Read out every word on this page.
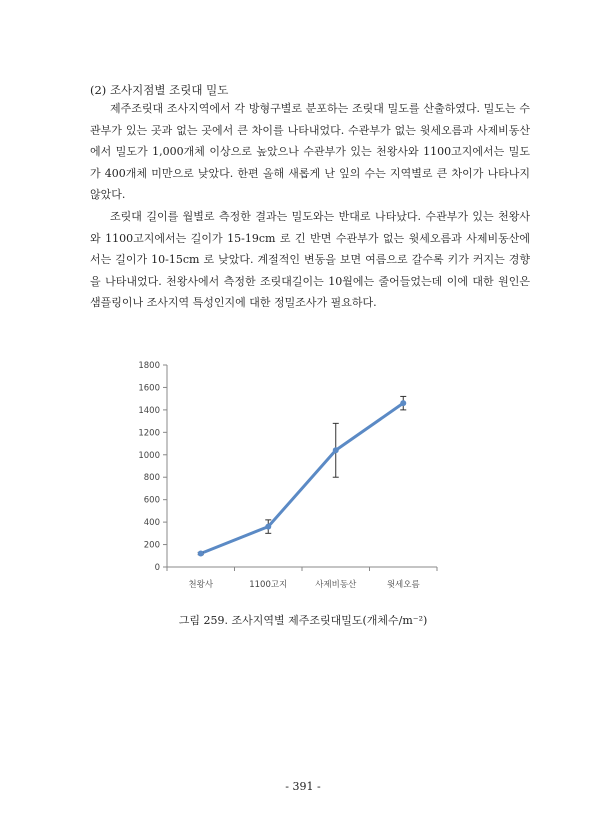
(2) 조사지점별 조릿대 밀도

제주조릿대 조사지역에서 각 방형구별로 분포하는 조릿대 밀도를 산출하였다. 밀도는 수관부가 있는 곳과 없는 곳에서 큰 차이를 나타내었다. 수관부가 없는 윗세오름과 사제비동산에서 밀도가 1,000개체 이상으로 높았으나 수관부가 있는 천왕사와 1100고지에서는 밀도가 400개체 미만으로 낮았다. 한편 올해 새롭게 난 잎의 수는 지역별로 큰 차이가 나타나지 않았다.

조릿대 길이를 월별로 측정한 결과는 밀도와는 반대로 나타났다. 수관부가 있는 천왕사와 1100고지에서는 길이가 15-19cm 로 긴 반면 수관부가 없는 윗세오름과 사제비동산에서는 길이가 10-15cm 로 낮았다. 계절적인 변동을 보면 여름으로 갈수록 키가 커지는 경향을 나타내었다. 천왕사에서 측정한 조릿대길이는 10월에는 줄어들었는데 이에 대한 원인은 샘플링이나 조사지역 특성인지에 대한 정밀조사가 필요하다.

0
200
400
600
800
1000
1200
1400
1600
1800
천왕사	1100고지	사제비동산	윗세오름
그림 259. 조사지역별 제주조릿대밀도(개체수/m⁻²)
- 391 -
